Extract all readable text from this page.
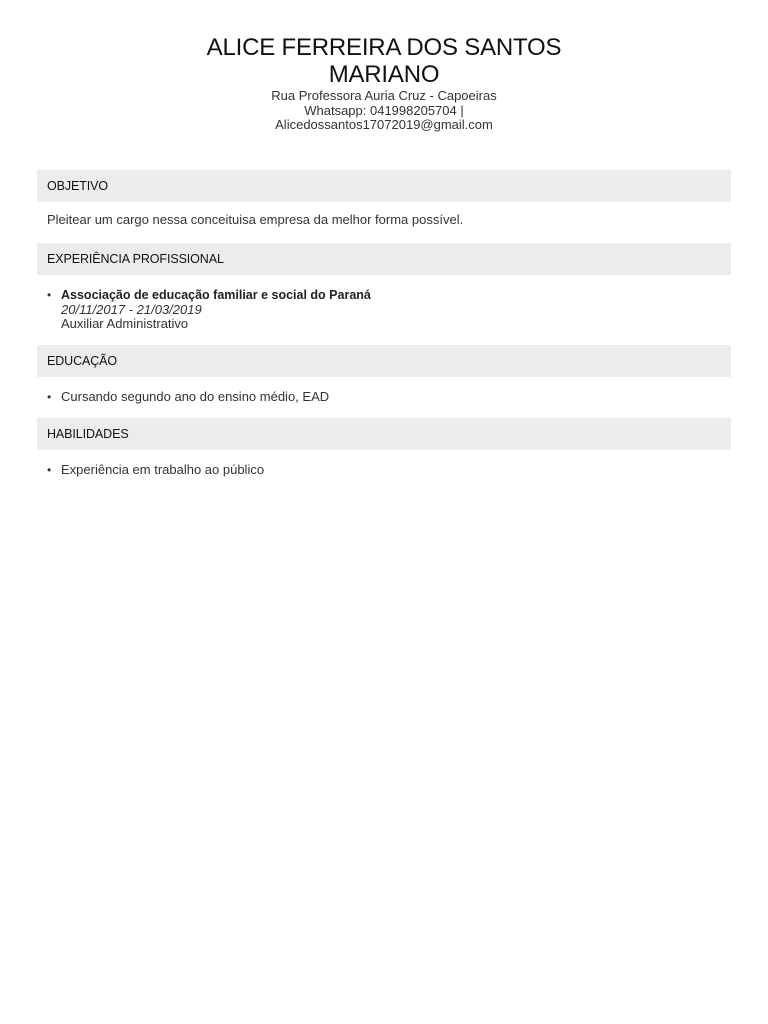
ALICE FERREIRA DOS SANTOS
MARIANO
Rua Professora Auria Cruz - Capoeiras
Whatsapp: 041998205704 |
Alicedossantos17072019@gmail.com
OBJETIVO
Pleitear um cargo nessa conceituisa empresa da melhor forma possível.
EXPERIÊNCIA PROFISSIONAL
• Associação de educação familiar e social do Paraná
20/11/2017 - 21/03/2019
Auxiliar Administrativo
EDUCAÇÃO
• Cursando segundo ano do ensino médio, EAD
HABILIDADES
• Experiência em trabalho ao público
